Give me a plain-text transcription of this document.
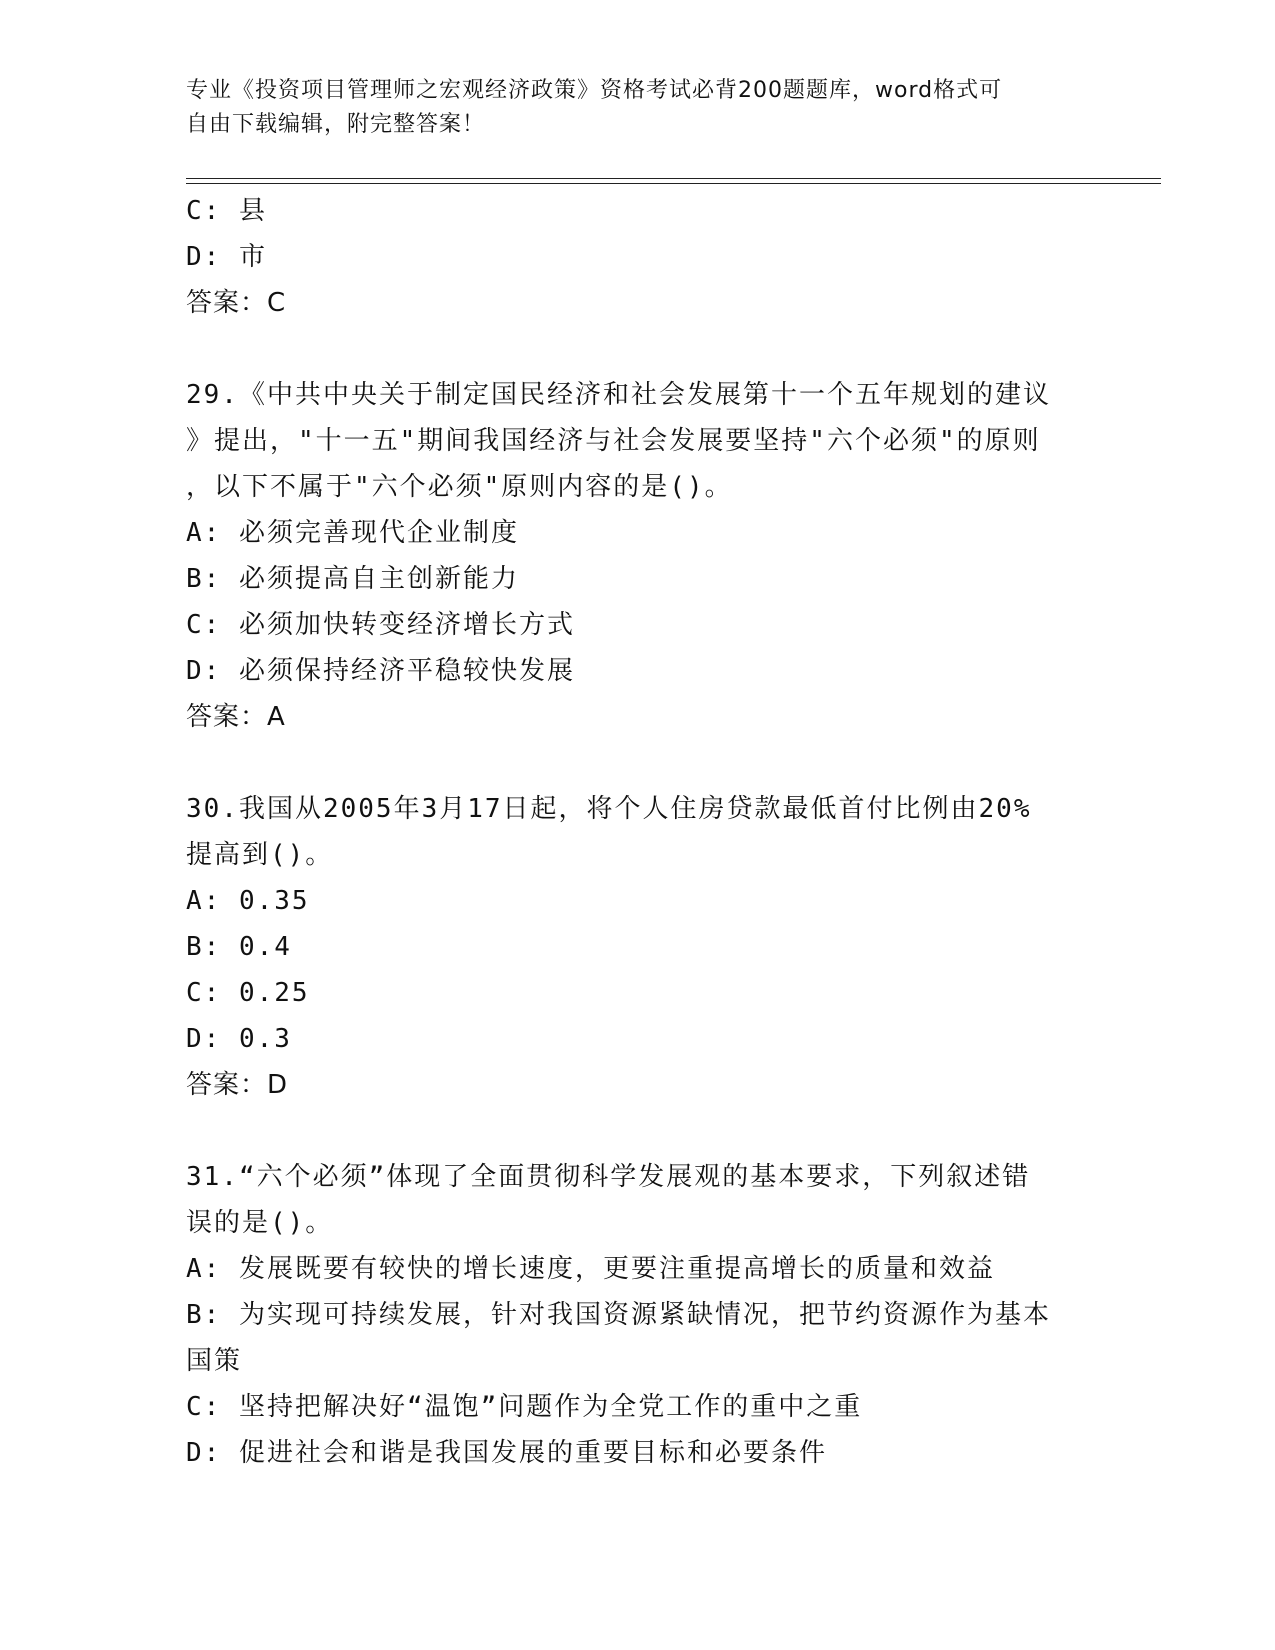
专业《投资项目管理师之宏观经济政策》资格考试必背200题题库，word格式可
自由下载编辑，附完整答案！
C: 县
D: 市
答案：C
29.《中共中央关于制定国民经济和社会发展第十一个五年规划的建议
》提出，"十一五"期间我国经济与社会发展要坚持"六个必须"的原则
，以下不属于"六个必须"原则内容的是()。
A: 必须完善现代企业制度
B: 必须提高自主创新能力
C: 必须加快转变经济增长方式
D: 必须保持经济平稳较快发展
答案：A
30.我国从2005年3月17日起，将个人住房贷款最低首付比例由20%
提高到()。
A: 0.35
B: 0.4
C: 0.25
D: 0.3
答案：D
31.“六个必须”体现了全面贯彻科学发展观的基本要求，下列叙述错
误的是()。
A: 发展既要有较快的增长速度，更要注重提高增长的质量和效益
B: 为实现可持续发展，针对我国资源紧缺情况，把节约资源作为基本
国策
C: 坚持把解决好“温饱”问题作为全党工作的重中之重
D: 促进社会和谐是我国发展的重要目标和必要条件
